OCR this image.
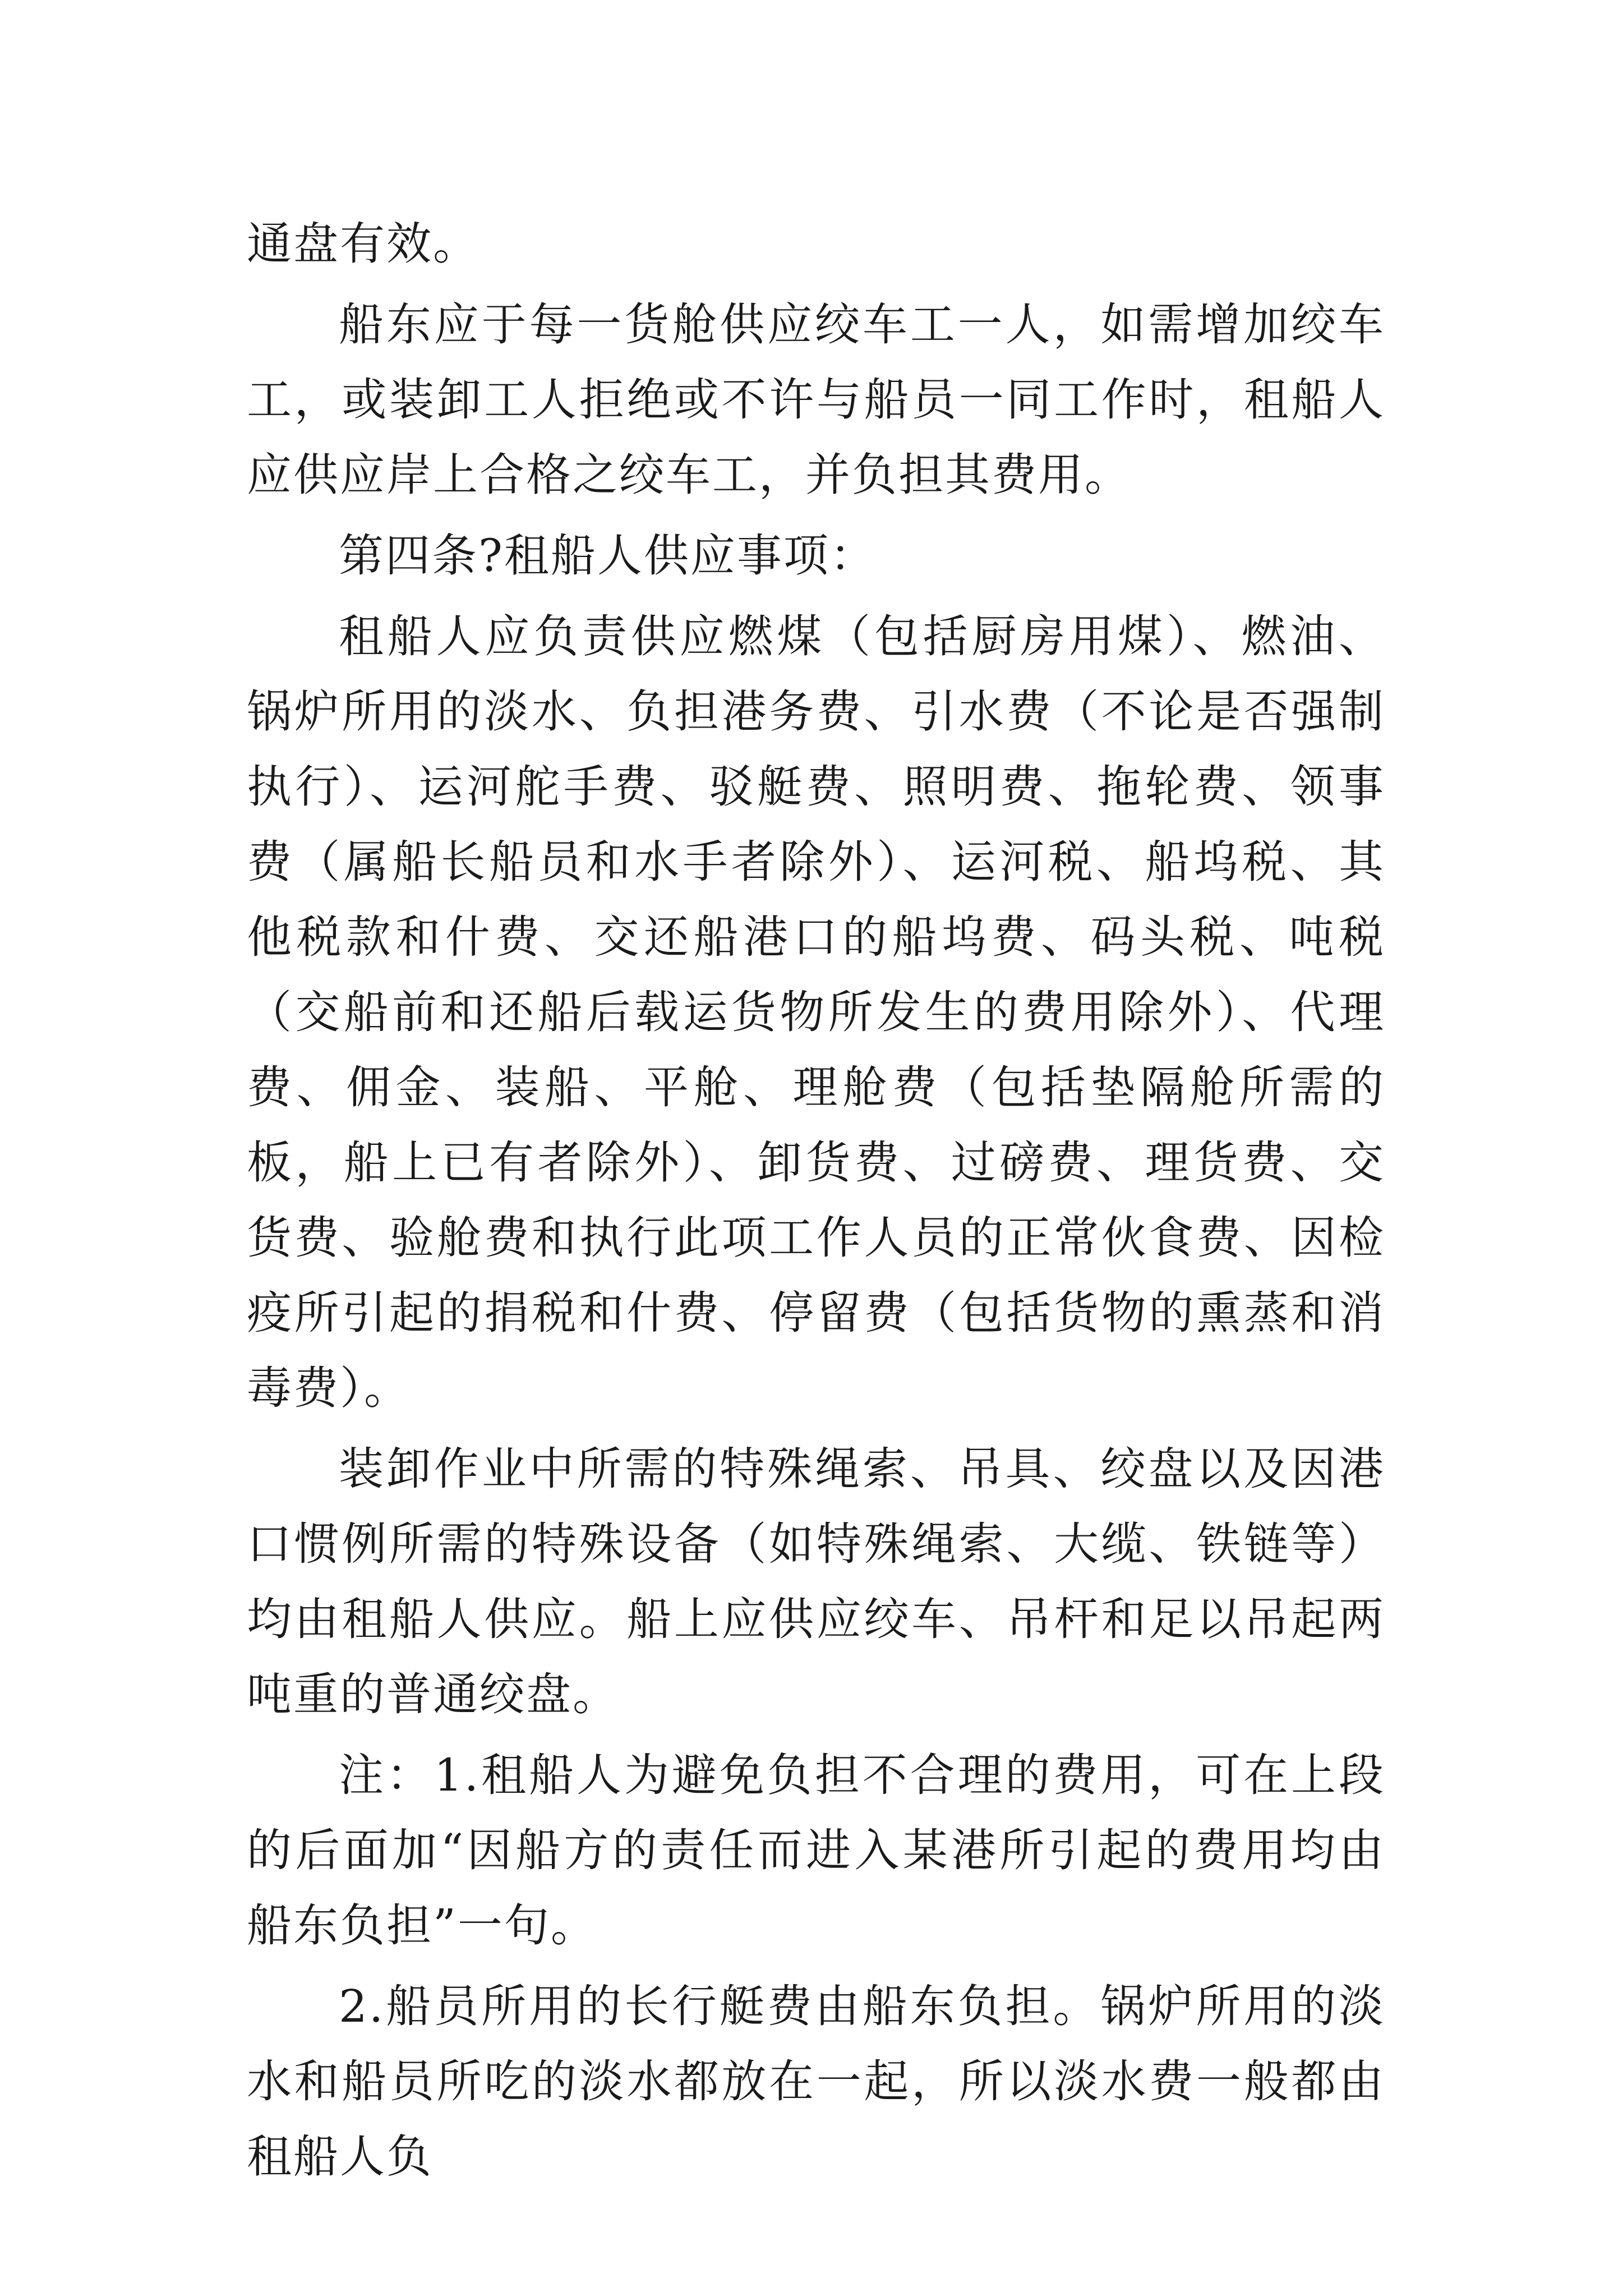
通盘有效。

船东应于每一货舱供应绞车工一人，如需增加绞车工，或装卸工人拒绝或不许与船员一同工作时，租船人应供应岸上合格之绞车工，并负担其费用。

第四条?租船人供应事项：

租船人应负责供应燃煤（包括厨房用煤）、燃油、锅炉所用的淡水、负担港务费、引水费（不论是否强制执行）、运河舵手费、驳艇费、照明费、拖轮费、领事费（属船长船员和水手者除外）、运河税、船坞税、其他税款和什费、交还船港口的船坞费、码头税、吨税（交船前和还船后载运货物所发生的费用除外）、代理费、佣金、装船、平舱、理舱费（包括垫隔舱所需的板，船上已有者除外）、卸货费、过磅费、理货费、交货费、验舱费和执行此项工作人员的正常伙食费、因检疫所引起的捐税和什费、停留费（包括货物的熏蒸和消毒费）。

装卸作业中所需的特殊绳索、吊具、绞盘以及因港口惯例所需的特殊设备（如特殊绳索、大缆、铁链等）均由租船人供应。船上应供应绞车、吊杆和足以吊起两吨重的普通绞盘。

注：1.租船人为避免负担不合理的费用，可在上段的后面加“因船方的责任而进入某港所引起的费用均由船东负担”一句。

2.船员所用的长行艇费由船东负担。锅炉所用的淡水和船员所吃的淡水都放在一起，所以淡水费一般都由租船人负
